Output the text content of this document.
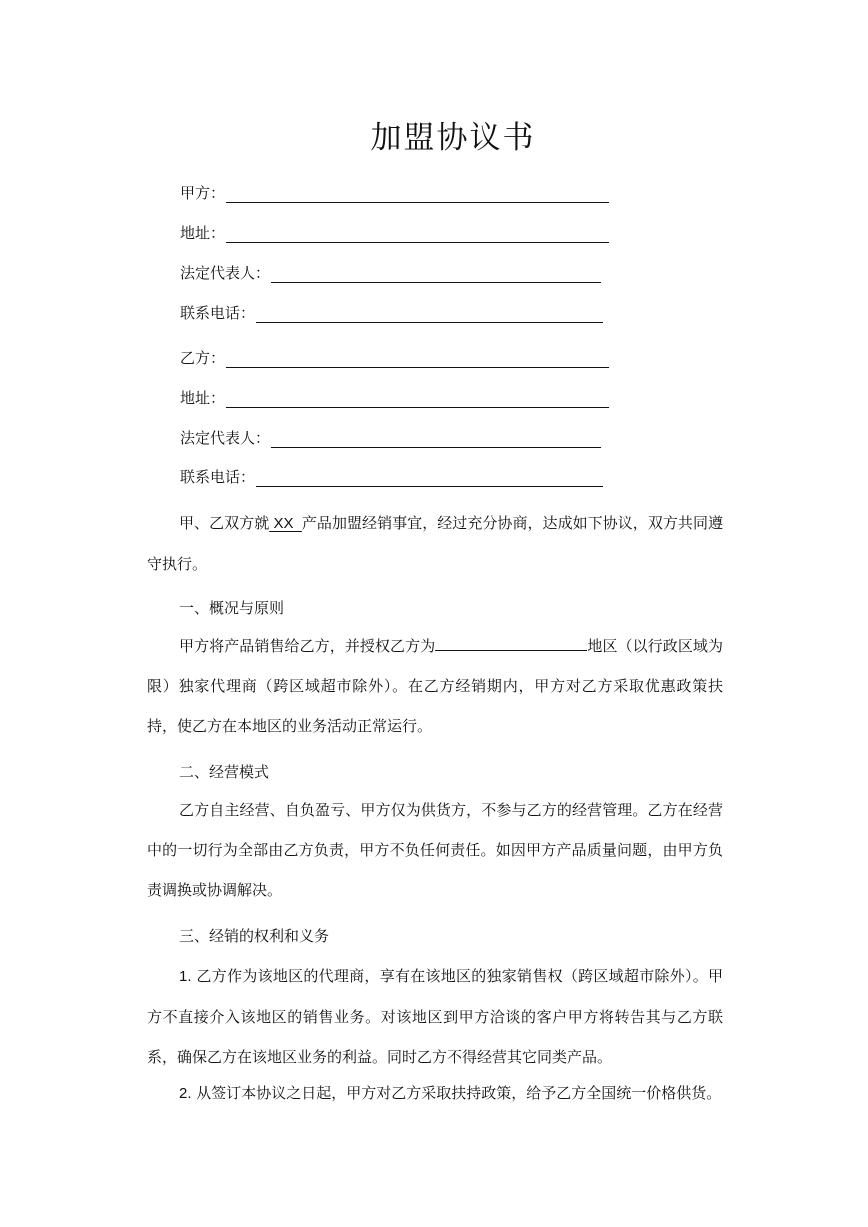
加盟协议书
甲方：
地址：
法定代表人：
联系电话：
乙方：
地址：
法定代表人：
联系电话：

甲、乙双方就 XX  产品加盟经销事宜，经过充分协商，达成如下协议，双方共同遵守执行。

一、概况与原则

甲方将产品销售给乙方，并授权乙方为	地区（以行政区域为限）独家代理商（跨区域超市除外）。在乙方经销期内，甲方对乙方采取优惠政策扶持，使乙方在本地区的业务活动正常运行。

二、经营模式

乙方自主经营、自负盈亏、甲方仅为供货方，不参与乙方的经营管理。乙方在经营中的一切行为全部由乙方负责，甲方不负任何责任。如因甲方产品质量问题，由甲方负责调换或协调解决。

三、经销的权利和义务

1. 乙方作为该地区的代理商，享有在该地区的独家销售权（跨区域超市除外）。甲方不直接介入该地区的销售业务。对该地区到甲方洽谈的客户甲方将转告其与乙方联系，确保乙方在该地区业务的利益。同时乙方不得经营其它同类产品。

2. 从签订本协议之日起，甲方对乙方采取扶持政策，给予乙方全国统一价格供货。
